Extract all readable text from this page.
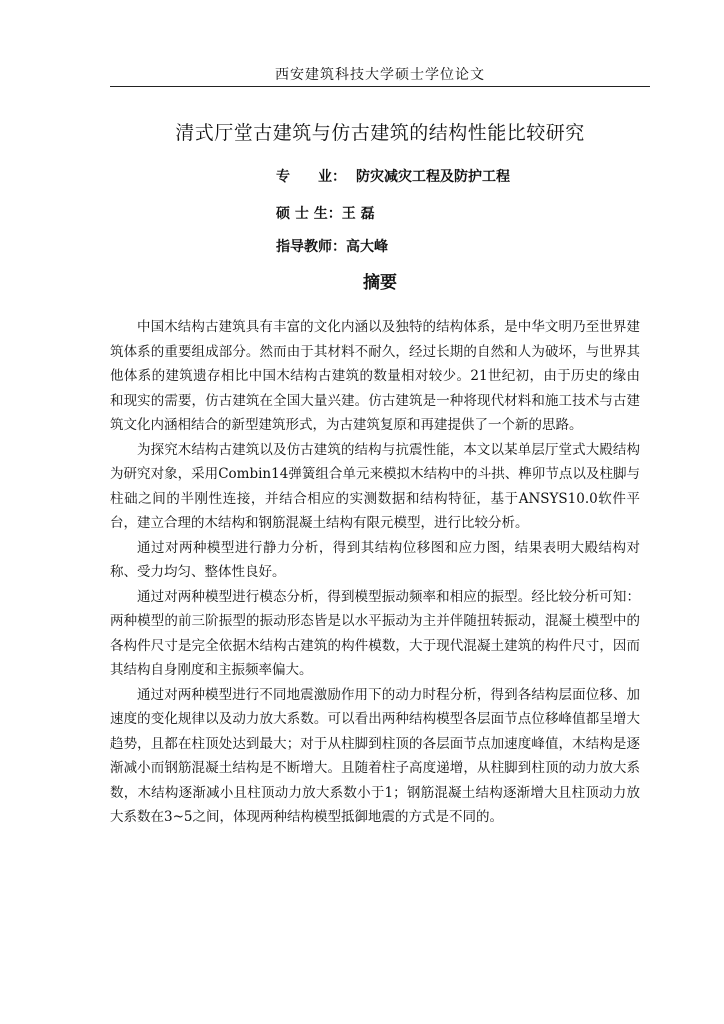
西安建筑科技大学硕士学位论文
清式厅堂古建筑与仿古建筑的结构性能比较研究
专　　业： 防灾减灾工程及防护工程
硕 士 生：王 磊
指导教师：高大峰
摘要

中国木结构古建筑具有丰富的文化内涵以及独特的结构体系，是中华文明乃至世界建筑体系的重要组成部分。然而由于其材料不耐久，经过长期的自然和人为破坏，与世界其他体系的建筑遗存相比中国木结构古建筑的数量相对较少。21世纪初，由于历史的缘由和现实的需要，仿古建筑在全国大量兴建。仿古建筑是一种将现代材料和施工技术与古建筑文化内涵相结合的新型建筑形式，为古建筑复原和再建提供了一个新的思路。

为探究木结构古建筑以及仿古建筑的结构与抗震性能，本文以某单层厅堂式大殿结构为研究对象，采用Combin14弹簧组合单元来模拟木结构中的斗拱、榫卯节点以及柱脚与柱础之间的半刚性连接，并结合相应的实测数据和结构特征，基于ANSYS10.0软件平台，建立合理的木结构和钢筋混凝土结构有限元模型，进行比较分析。

通过对两种模型进行静力分析，得到其结构位移图和应力图，结果表明大殿结构对称、受力均匀、整体性良好。

通过对两种模型进行模态分析，得到模型振动频率和相应的振型。经比较分析可知：两种模型的前三阶振型的振动形态皆是以水平振动为主并伴随扭转振动，混凝土模型中的各构件尺寸是完全依据木结构古建筑的构件模数，大于现代混凝土建筑的构件尺寸，因而其结构自身刚度和主振频率偏大。

通过对两种模型进行不同地震激励作用下的动力时程分析，得到各结构层面位移、加速度的变化规律以及动力放大系数。可以看出两种结构模型各层面节点位移峰值都呈增大趋势，且都在柱顶处达到最大；对于从柱脚到柱顶的各层面节点加速度峰值，木结构是逐渐减小而钢筋混凝土结构是不断增大。且随着柱子高度递增，从柱脚到柱顶的动力放大系数，木结构逐渐减小且柱顶动力放大系数小于1；钢筋混凝土结构逐渐增大且柱顶动力放大系数在3~5之间，体现两种结构模型抵御地震的方式是不同的。
